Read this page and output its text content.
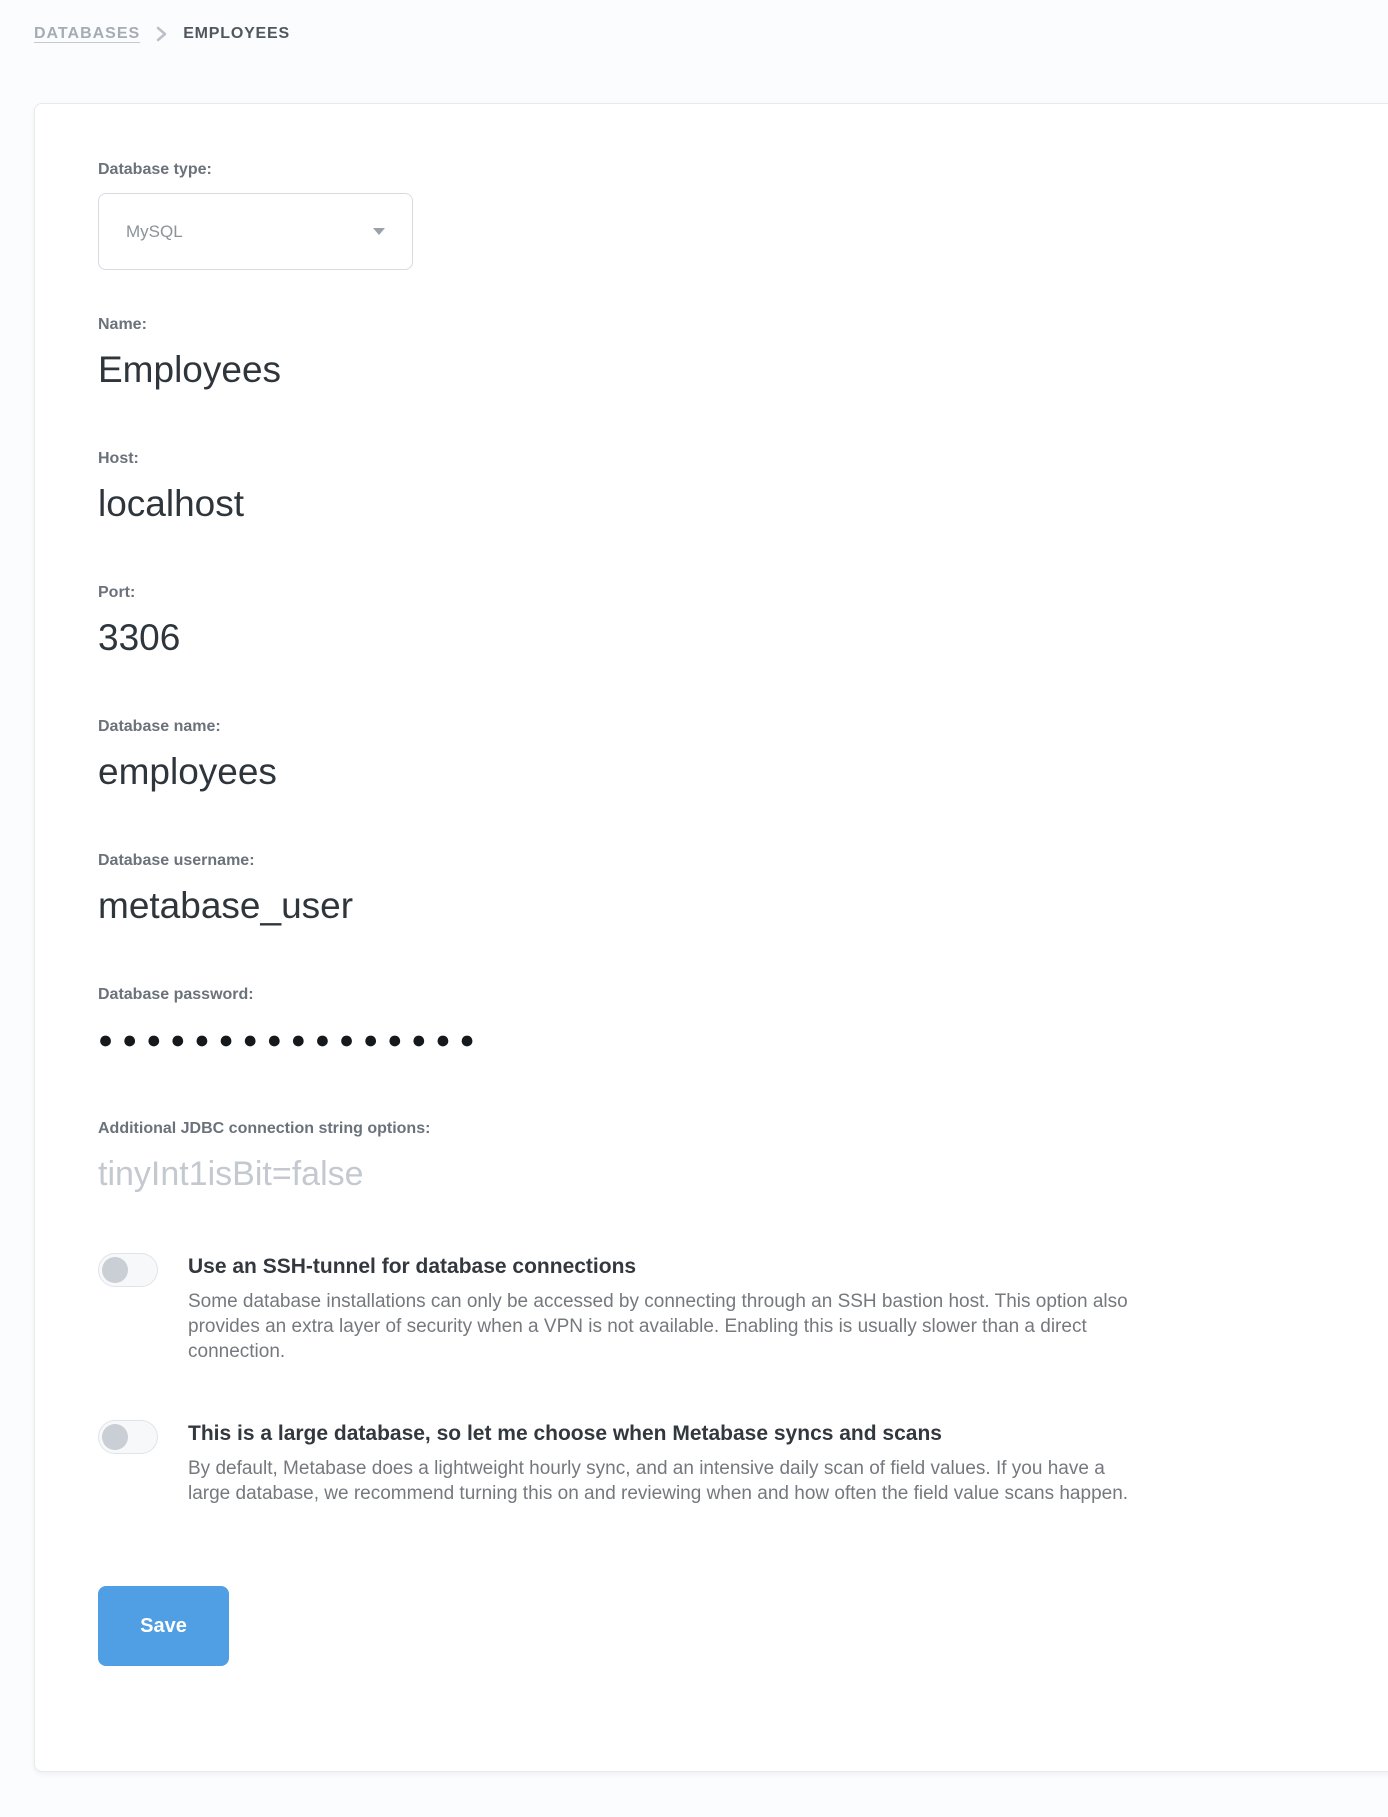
DATABASES	EMPLOYEES
Database type:
MySQL
Name:
Employees
Host:
localhost
Port:
3306
Database name:
employees
Database username:
metabase_user
Database password:
●●●●●●●●●●●●●●●●
Additional JDBC connection string options:
tinyInt1isBit=false
Use an SSH-tunnel for database connections
Some database installations can only be accessed by connecting through an SSH bastion host. This option also provides an extra layer of security when a VPN is not available. Enabling this is usually slower than a direct connection.
This is a large database, so let me choose when Metabase syncs and scans
By default, Metabase does a lightweight hourly sync, and an intensive daily scan of field values. If you have a large database, we recommend turning this on and reviewing when and how often the field value scans happen.
Save
